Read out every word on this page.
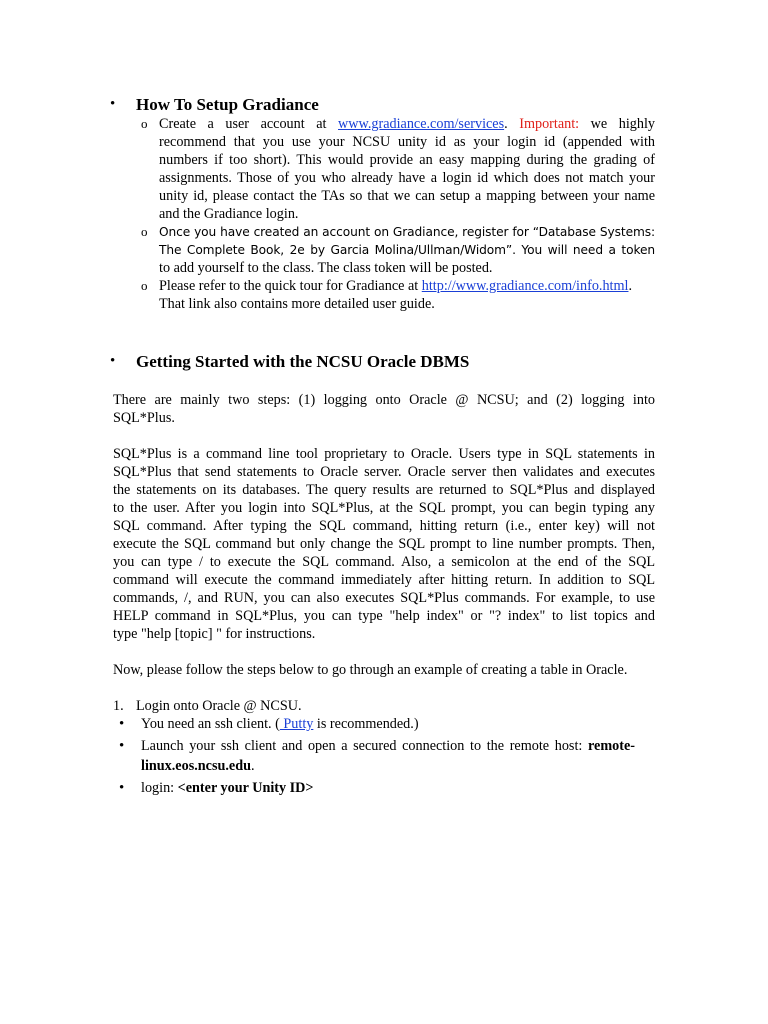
• How To Setup Gradiance
o Create a user account at www.gradiance.com/services. Important: we highly
recommend that you use your NCSU unity id as your login id (appended with
numbers if too short). This would provide an easy mapping during the grading of
assignments. Those of you who already have a login id which does not match your
unity id, please contact the TAs so that we can setup a mapping between your name
and the Gradiance login.
o Once you have created an account on Gradiance, register for “Database Systems:
The Complete Book, 2e by Garcia Molina/Ullman/Widom”. You will need a token
to add yourself to the class. The class token will be posted.
o Please refer to the quick tour for Gradiance at http://www.gradiance.com/info.html.
That link also contains more detailed user guide.
• Getting Started with the NCSU Oracle DBMS
There are mainly two steps: (1) logging onto Oracle @ NCSU; and (2) logging into
SQL*Plus.
SQL*Plus is a command line tool proprietary to Oracle. Users type in SQL statements in
SQL*Plus that send statements to Oracle server. Oracle server then validates and executes
the statements on its databases. The query results are returned to SQL*Plus and displayed
to the user. After you login into SQL*Plus, at the SQL prompt, you can begin typing any
SQL command. After typing the SQL command, hitting return (i.e., enter key) will not
execute the SQL command but only change the SQL prompt to line number prompts. Then,
you can type / to execute the SQL command. Also, a semicolon at the end of the SQL
command will execute the command immediately after hitting return. In addition to SQL
commands, /, and RUN, you can also executes SQL*Plus commands. For example, to use
HELP command in SQL*Plus, you can type "help index" or "? index" to list topics and
type "help [topic] " for instructions.
Now, please follow the steps below to go through an example of creating a table in Oracle.
1. Login onto Oracle @ NCSU.
• You need an ssh client. ( Putty is recommended.)
• Launch your ssh client and open a secured connection to the remote host: remote-
linux.eos.ncsu.edu.
• login: <enter your Unity ID>
